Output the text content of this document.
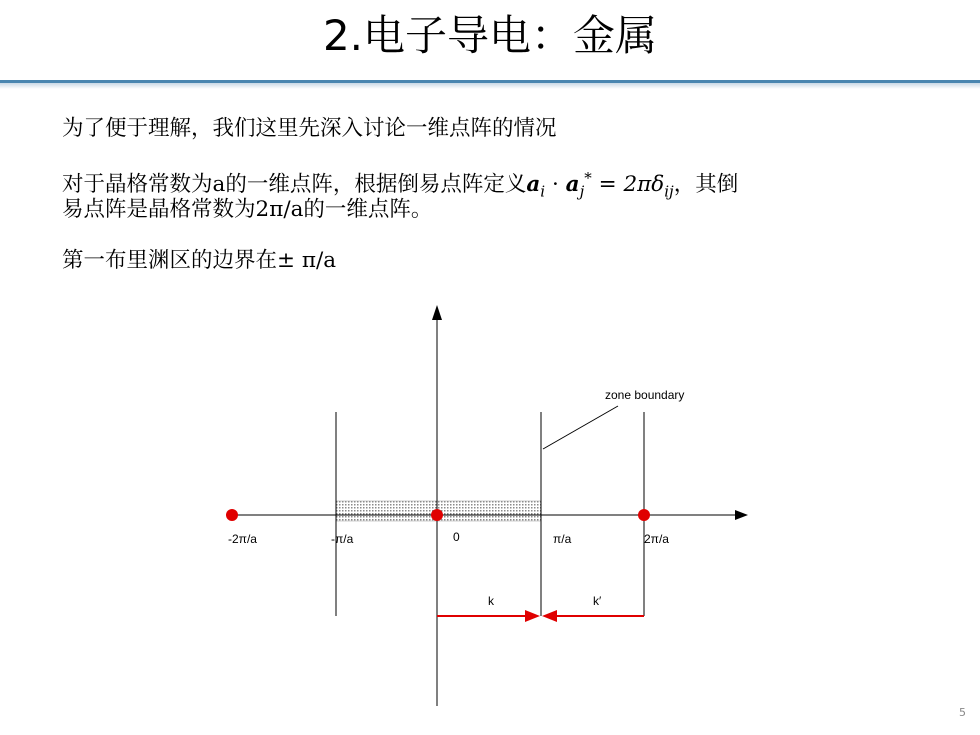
2.电子导电：金属
为了便于理解，我们这里先深入讨论一维点阵的情况
对于晶格常数为a的一维点阵，根据倒易点阵定义$a_i \cdot a_j^* = 2\pi\delta_{ij}$，其倒
易点阵是晶格常数为2π/a的一维点阵。
第一布里渊区的边界在± π/a
zone boundary
-2π/a	-π/a	0	π/a	2π/a
k	k′
5
